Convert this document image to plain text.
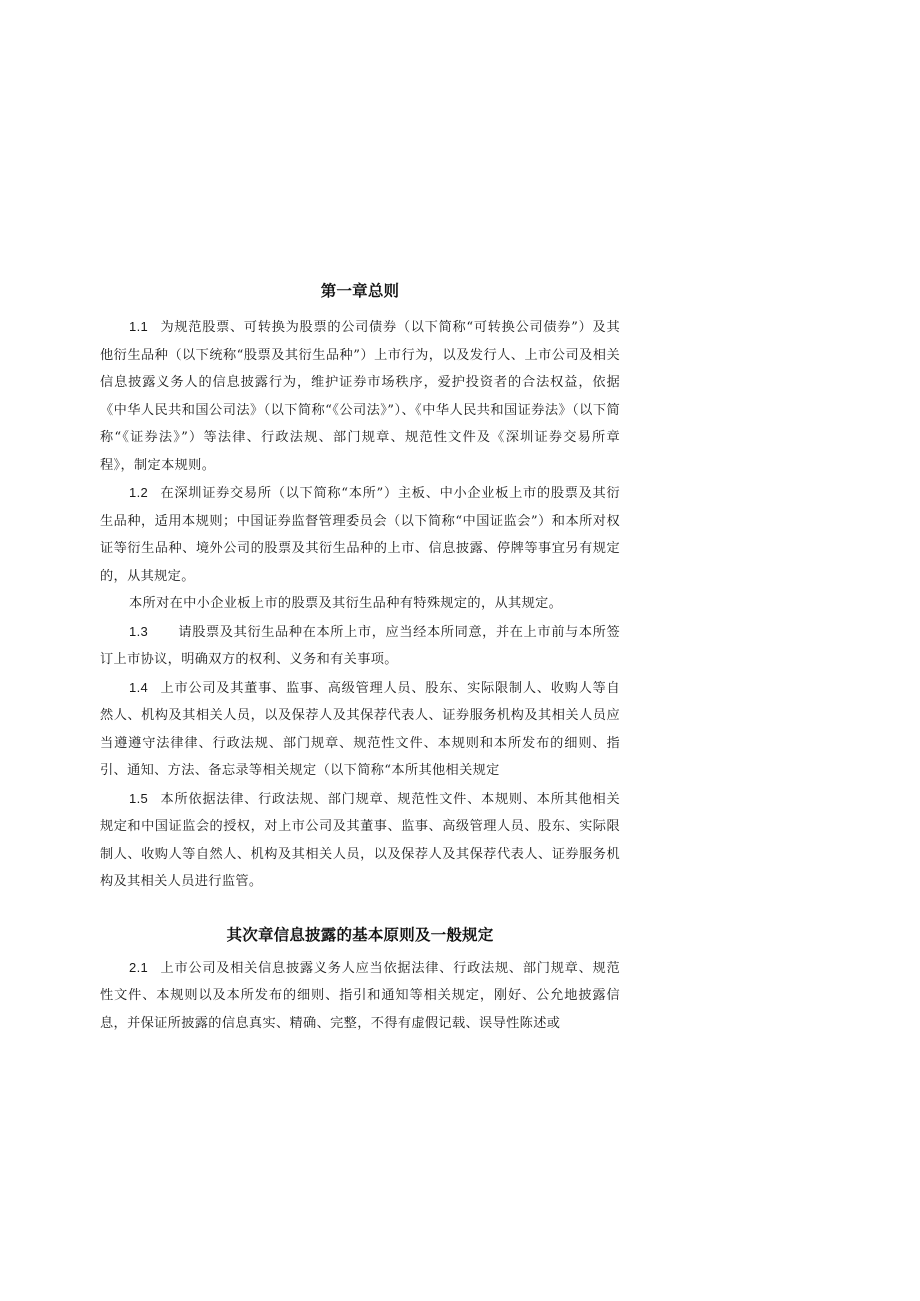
第一章总则

1.1 为规范股票、可转换为股票的公司债券（以下简称“可转换公司债券”）及其他衍生品种（以下统称“股票及其衍生品种”）上市行为，以及发行人、上市公司及相关信息披露义务人的信息披露行为，维护证券市场秩序，爱护投资者的合法权益，依据《中华人民共和国公司法》（以下简称“《公司法》”）、《中华人民共和国证券法》（以下简称“《证券法》”）等法律、行政法规、部门规章、规范性文件及《深圳证券交易所章程》，制定本规则。

1.2 在深圳证券交易所（以下简称“本所”）主板、中小企业板上市的股票及其衍生品种，适用本规则；中国证券监督管理委员会（以下简称“中国证监会”）和本所对权证等衍生品种、境外公司的股票及其衍生品种的上市、信息披露、停牌等事宜另有规定的，从其规定。

本所对在中小企业板上市的股票及其衍生品种有特殊规定的，从其规定。

1.3 请股票及其衍生品种在本所上市，应当经本所同意，并在上市前与本所签订上市协议，明确双方的权利、义务和有关事项。

1.4 上市公司及其董事、监事、高级管理人员、股东、实际限制人、收购人等自然人、机构及其相关人员，以及保荐人及其保荐代表人、证券服务机构及其相关人员应当遵遵守法律律、行政法规、部门规章、规范性文件、本规则和本所发布的细则、指引、通知、方法、备忘录等相关规定（以下简称“本所其他相关规定

1.5 本所依据法律、行政法规、部门规章、规范性文件、本规则、本所其他相关规定和中国证监会的授权，对上市公司及其董事、监事、高级管理人员、股东、实际限制人、收购人等自然人、机构及其相关人员，以及保荐人及其保荐代表人、证券服务机构及其相关人员进行监管。

其次章信息披露的基本原则及一般规定

2.1 上市公司及相关信息披露义务人应当依据法律、行政法规、部门规章、规范性文件、本规则以及本所发布的细则、指引和通知等相关规定，刚好、公允地披露信息，并保证所披露的信息真实、精确、完整，不得有虚假记载、误导性陈述或
